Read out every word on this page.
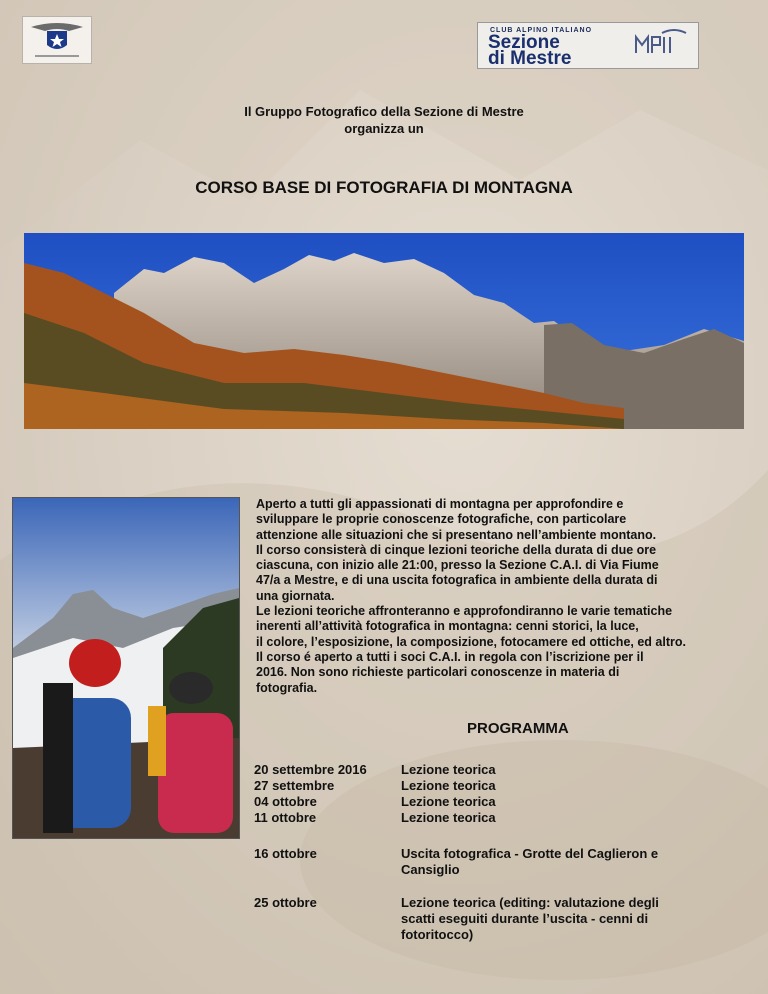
CLUB ALPINO ITALIANO
Sezione
di Mestre
Il Gruppo Fotografico della Sezione di Mestre
organizza un
CORSO BASE DI FOTOGRAFIA DI MONTAGNA

Aperto a tutti gli appassionati di montagna per approfondire e

sviluppare le proprie conoscenze fotografiche, con particolare

attenzione alle situazioni che si presentano nell’ambiente montano.

Il corso consisterà di cinque lezioni teoriche della durata di due ore

ciascuna, con inizio alle 21:00, presso la Sezione C.A.I. di Via Fiume

47/a a Mestre, e di una uscita fotografica in ambiente della durata di

una giornata.

Le lezioni teoriche affronteranno e approfondiranno le varie tematiche

inerenti all’attività fotografica in montagna: cenni storici, la luce,

il colore, l’esposizione, la composizione, fotocamere ed ottiche, ed altro.

Il corso é aperto a tutti i soci C.A.I. in regola con l’iscrizione per il

2016. Non sono richieste particolari conoscenze in materia di

fotografia.

PROGRAMMA
20 settembre 2016	Lezione teorica
27 settembre	Lezione teorica
04 ottobre	Lezione teorica
11 ottobre	Lezione teorica
16 ottobre	Uscita fotografica - Grotte del Caglieron e
Cansiglio
25 ottobre	Lezione teorica (editing: valutazione degli
scatti eseguiti durante l’uscita - cenni di
fotoritocco)
